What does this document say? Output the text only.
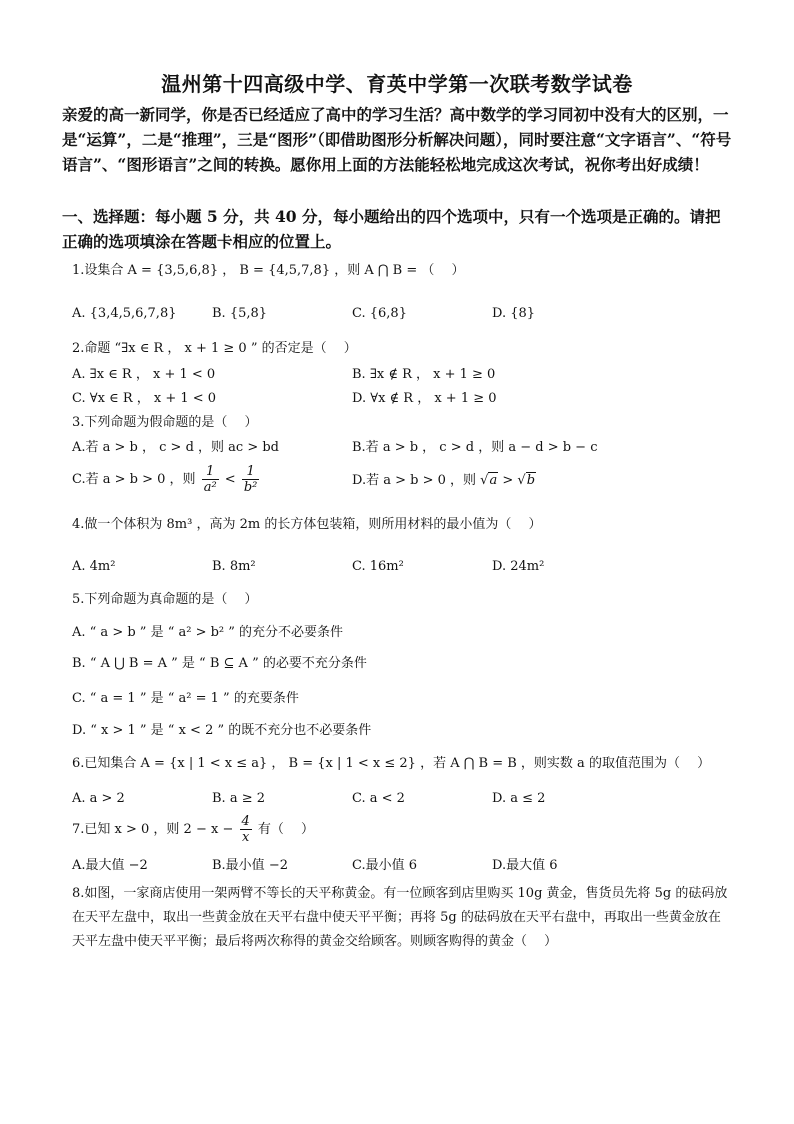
温州第十四高级中学、育英中学第一次联考数学试卷
亲爱的高一新同学，你是否已经适应了高中的学习生活？高中数学的学习同初中没有大的区别，一是“运算”，二是“推理”，三是“图形”（即借助图形分析解决问题），同时要注意“文字语言”、“符号语言”、“图形语言”之间的转换。愿你用上面的方法能轻松地完成这次考试，祝你考出好成绩！
一、选择题：每小题 5 分，共 40 分，每小题给出的四个选项中，只有一个选项是正确的。请把正确的选项填涂在答题卡相应的位置上。
1.设集合 A = {3,5,6,8} ， B = {4,5,7,8} ，则 A ⋂ B = （　 ）
A. {3,4,5,6,7,8}	B. {5,8}	C. {6,8}	D. {8}
2.命题 “∃x ∈ R ， x + 1 ≥ 0 ” 的否定是（　 ）
A. ∃x ∈ R ， x + 1 < 0	B. ∃x ∉ R ， x + 1 ≥ 0
C. ∀x ∈ R ， x + 1 < 0	D. ∀x ∉ R ， x + 1 ≥ 0
3.下列命题为假命题的是（　 ）
A.若 a > b ， c > d ，则 ac > bd	B.若 a > b ， c > d ，则 a − d > b − c
C.若 a > b > 0 ，则 $\frac{1}{\text{a²}} < \frac{1}{\text{b²}}$	D.若 a > b > 0 ，则 √a > √b
4.做一个体积为 8m³ ，高为 2m 的长方体包装箱，则所用材料的最小值为（　 ）
A. 4m²	B. 8m²	C. 16m²	D. 24m²
5.下列命题为真命题的是（　 ）
A. “ a > b ” 是 “ a² > b² ” 的充分不必要条件
B. “ A ⋃ B = A ” 是 “ B ⊆ A ” 的必要不充分条件
C. “ a = 1 ” 是 “ a² = 1 ” 的充要条件
D. “ x > 1 ” 是 “ x < 2 ” 的既不充分也不必要条件
6.已知集合 A = {x | 1 < x ≤ a} ， B = {x | 1 < x ≤ 2} ，若 A ⋂ B = B ，则实数 a 的取值范围为（　 ）
A. a > 2	B. a ≥ 2	C. a < 2	D. a ≤ 2
7.已知 x > 0 ，则 $2 - x - \frac{4}{x}$ 有（　 ）
A.最大值 −2	B.最小值 −2	C.最小值 6	D.最大值 6
8.如图，一家商店使用一架两臂不等长的天平称黄金。有一位顾客到店里购买 10g 黄金，售货员先将 5g 的砝码放在天平左盘中，取出一些黄金放在天平右盘中使天平平衡；再将 5g 的砝码放在天平右盘中，再取出一些黄金放在天平左盘中使天平平衡；最后将两次称得的黄金交给顾客。则顾客购得的黄金（　 ）
